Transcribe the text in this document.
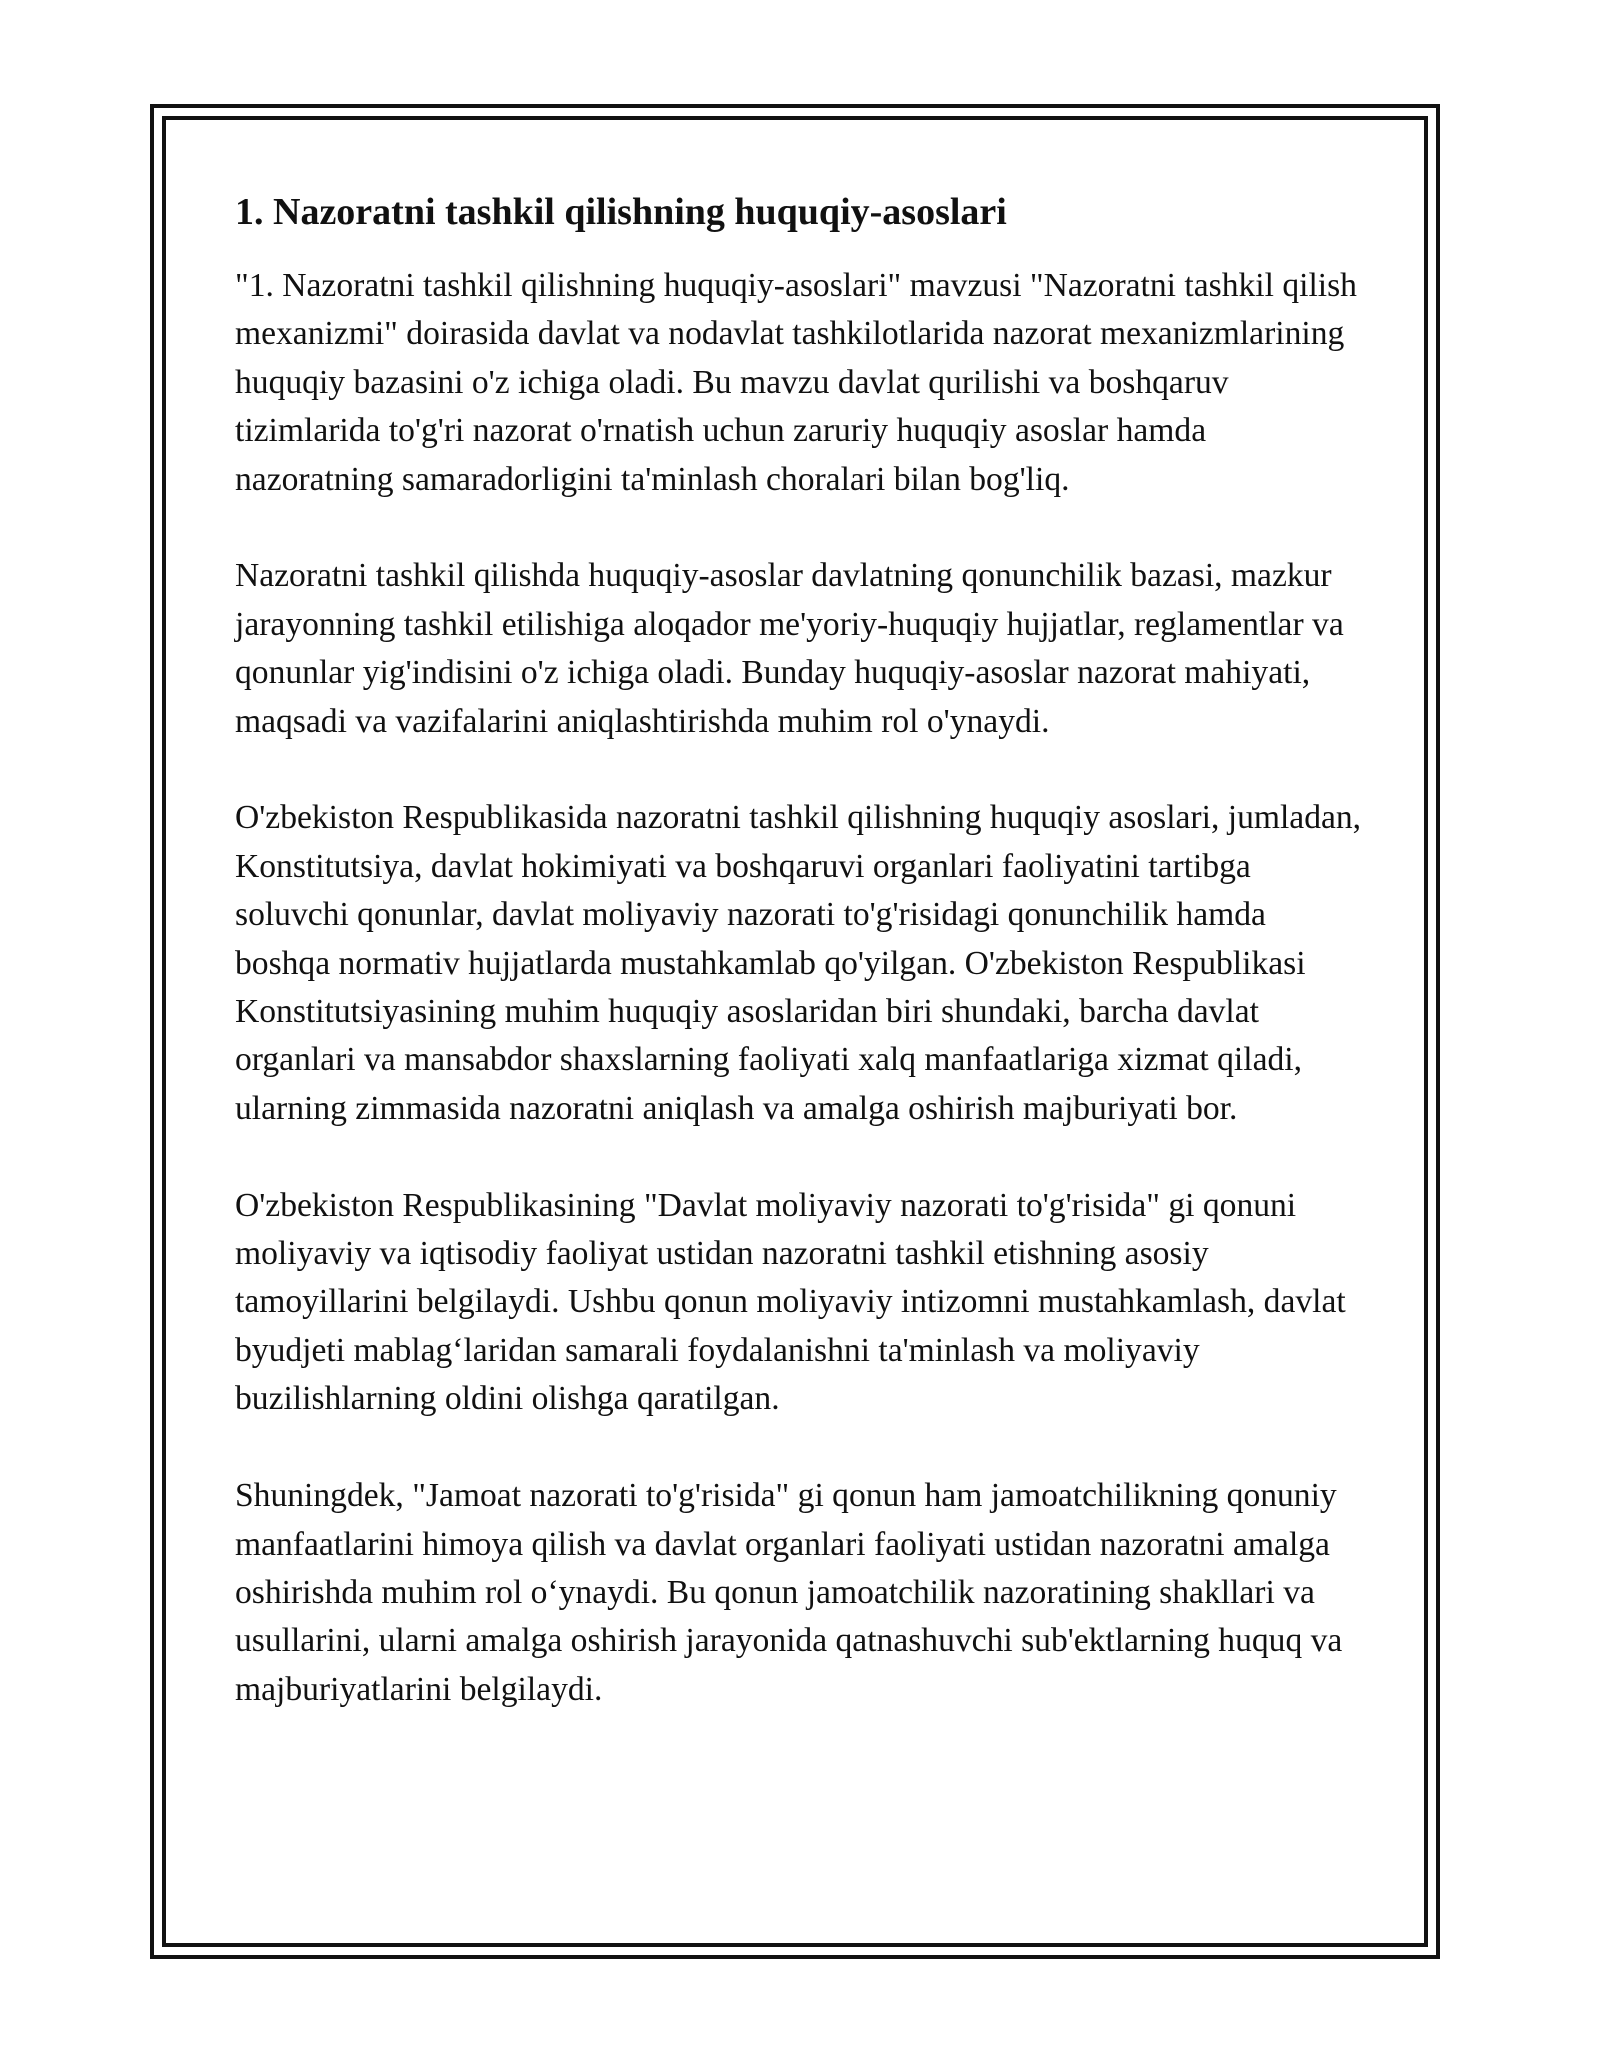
1. Nazoratni tashkil qilishning huquqiy-asoslari

"1. Nazoratni tashkil qilishning huquqiy-asoslari" mavzusi "Nazoratni tashkil qilish mexanizmi" doirasida davlat va nodavlat tashkilotlarida nazorat mexanizmlarining huquqiy bazasini o'z ichiga oladi. Bu mavzu davlat qurilishi va boshqaruv tizimlarida to'g'ri nazorat o'rnatish uchun zaruriy huquqiy asoslar hamda nazoratning samaradorligini ta'minlash choralari bilan bog'liq.

Nazoratni tashkil qilishda huquqiy-asoslar davlatning qonunchilik bazasi, mazkur jarayonning tashkil etilishiga aloqador me'yoriy-huquqiy hujjatlar, reglamentlar va qonunlar yig'indisini o'z ichiga oladi. Bunday huquqiy-asoslar nazorat mahiyati, maqsadi va vazifalarini aniqlashtirishda muhim rol o'ynaydi.

O'zbekiston Respublikasida nazoratni tashkil qilishning huquqiy asoslari, jumladan, Konstitutsiya, davlat hokimiyati va boshqaruvi organlari faoliyatini tartibga soluvchi qonunlar, davlat moliyaviy nazorati to'g'risidagi qonunchilik hamda boshqa normativ hujjatlarda mustahkamlab qo'yilgan. O'zbekiston Respublikasi Konstitutsiyasining muhim huquqiy asoslaridan biri shundaki, barcha davlat organlari va mansabdor shaxslarning faoliyati xalq manfaatlariga xizmat qiladi, ularning zimmasida nazoratni aniqlash va amalga oshirish majburiyati bor.

O'zbekiston Respublikasining "Davlat moliyaviy nazorati to'g'risida" gi qonuni moliyaviy va iqtisodiy faoliyat ustidan nazoratni tashkil etishning asosiy tamoyillarini belgilaydi. Ushbu qonun moliyaviy intizomni mustahkamlash, davlat byudjeti mablag‘laridan samarali foydalanishni ta'minlash va moliyaviy buzilishlarning oldini olishga qaratilgan.

Shuningdek, "Jamoat nazorati to'g'risida" gi qonun ham jamoatchilikning qonuniy manfaatlarini himoya qilish va davlat organlari faoliyati ustidan nazoratni amalga oshirishda muhim rol o‘ynaydi. Bu qonun jamoatchilik nazoratining shakllari va usullarini, ularni amalga oshirish jarayonida qatnashuvchi sub'ektlarning huquq va majburiyatlarini belgilaydi.
